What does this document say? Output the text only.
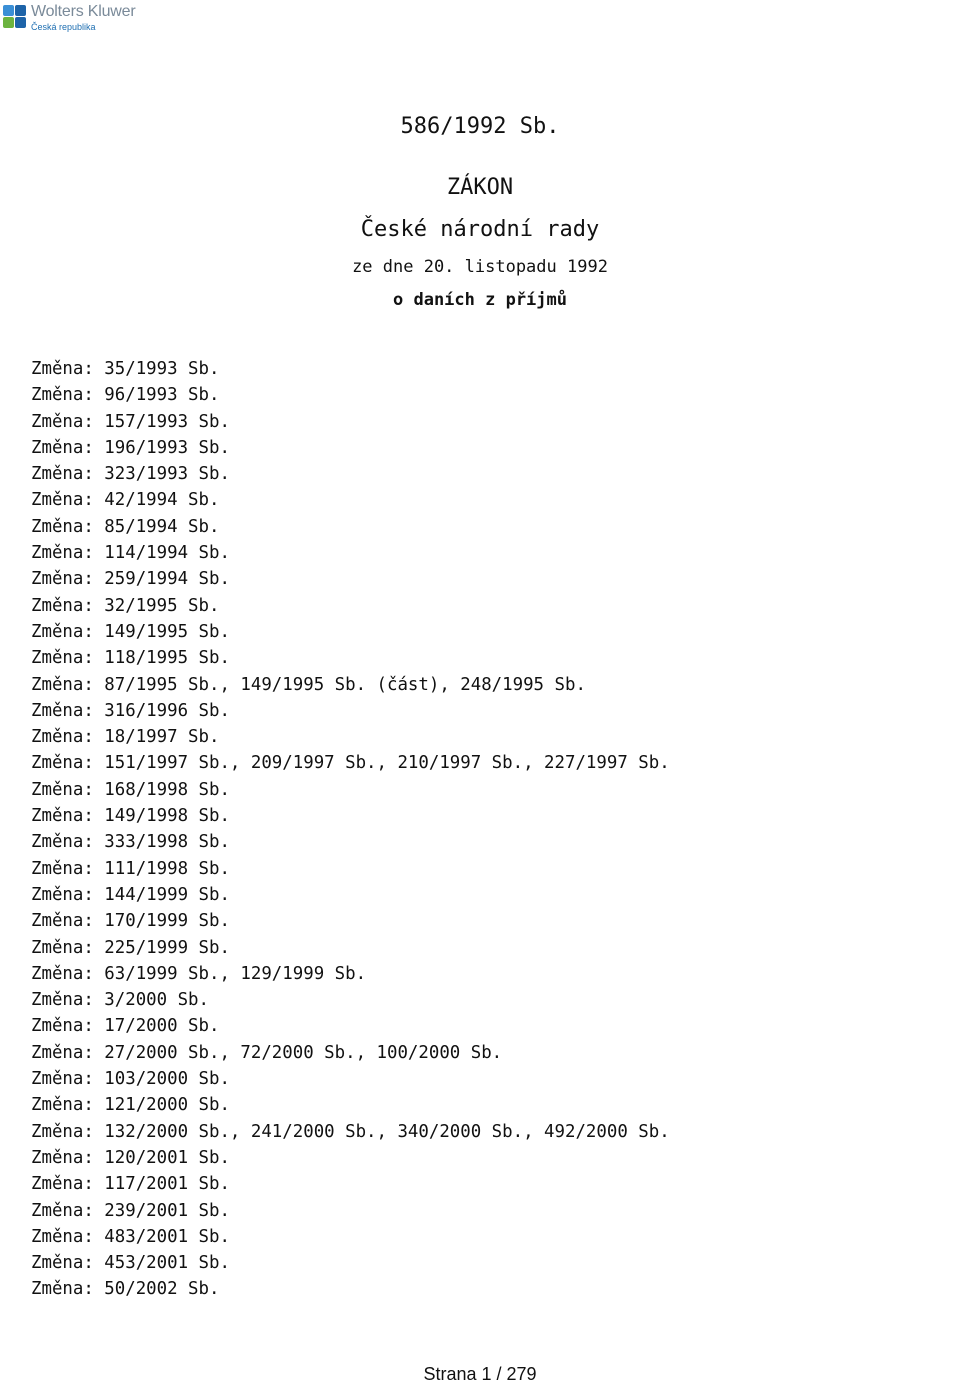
Wolters Kluwer
Česká republika
586/1992 Sb.
ZÁKON
České národní rady
ze dne 20. listopadu 1992
o daních z příjmů
Změna: 35/1993 Sb.
Změna: 96/1993 Sb.
Změna: 157/1993 Sb.
Změna: 196/1993 Sb.
Změna: 323/1993 Sb.
Změna: 42/1994 Sb.
Změna: 85/1994 Sb.
Změna: 114/1994 Sb.
Změna: 259/1994 Sb.
Změna: 32/1995 Sb.
Změna: 149/1995 Sb.
Změna: 118/1995 Sb.
Změna: 87/1995 Sb., 149/1995 Sb. (část), 248/1995 Sb.
Změna: 316/1996 Sb.
Změna: 18/1997 Sb.
Změna: 151/1997 Sb., 209/1997 Sb., 210/1997 Sb., 227/1997 Sb.
Změna: 168/1998 Sb.
Změna: 149/1998 Sb.
Změna: 333/1998 Sb.
Změna: 111/1998 Sb.
Změna: 144/1999 Sb.
Změna: 170/1999 Sb.
Změna: 225/1999 Sb.
Změna: 63/1999 Sb., 129/1999 Sb.
Změna: 3/2000 Sb.
Změna: 17/2000 Sb.
Změna: 27/2000 Sb., 72/2000 Sb., 100/2000 Sb.
Změna: 103/2000 Sb.
Změna: 121/2000 Sb.
Změna: 132/2000 Sb., 241/2000 Sb., 340/2000 Sb., 492/2000 Sb.
Změna: 120/2001 Sb.
Změna: 117/2001 Sb.
Změna: 239/2001 Sb.
Změna: 483/2001 Sb.
Změna: 453/2001 Sb.
Změna: 50/2002 Sb.
Strana 1 / 279
